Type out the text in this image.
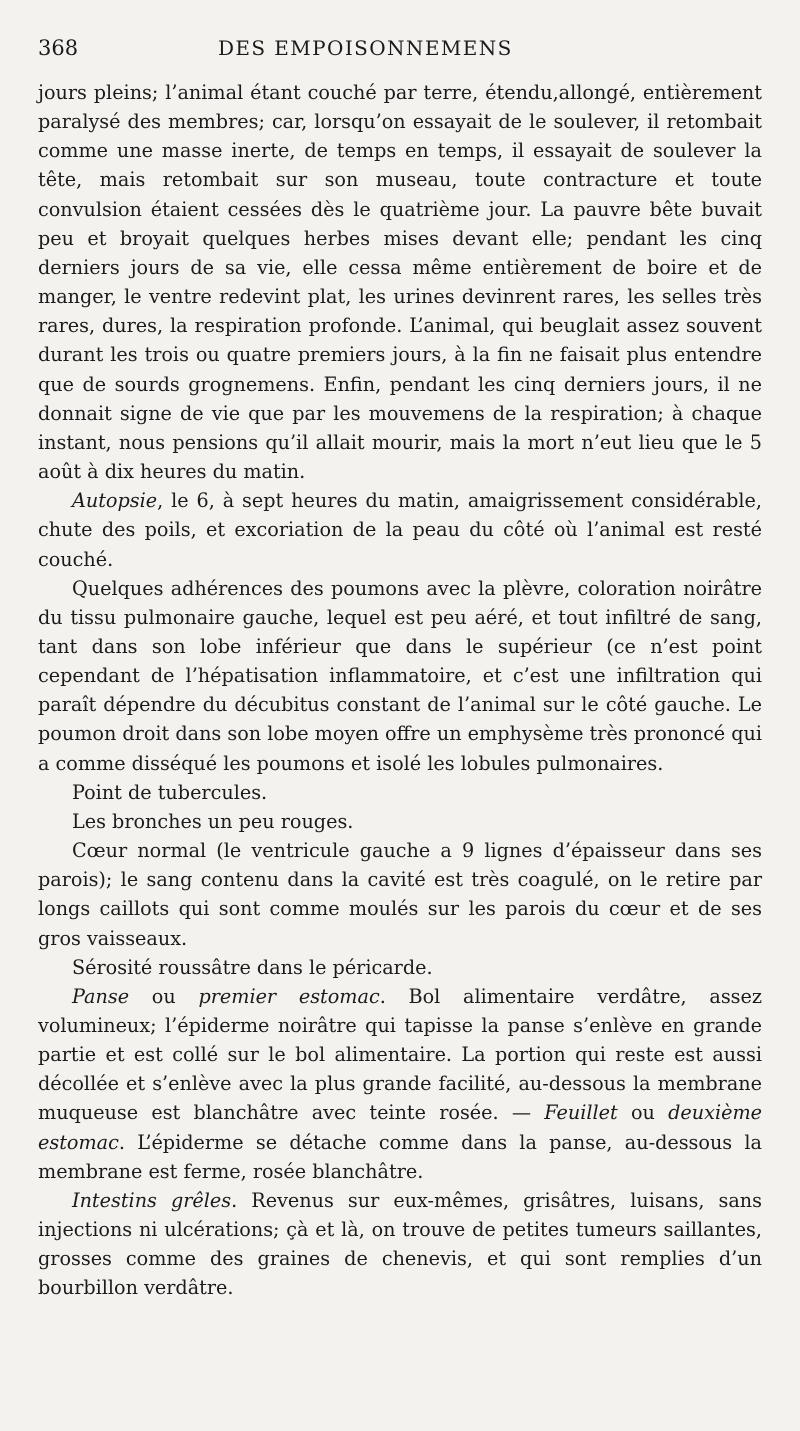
368	DES EMPOISONNEMENS

jours pleins; l’animal étant couché par terre, étendu,allongé, entièrement paralysé des membres; car, lorsqu’on essayait de le soulever, il retombait comme une masse inerte, de temps en temps, il essayait de soulever la tête, mais retombait sur son museau, toute contracture et toute convulsion étaient cessées dès le quatrième jour. La pauvre bête buvait peu et broyait quelques herbes mises devant elle; pendant les cinq derniers jours de sa vie, elle cessa même entièrement de boire et de manger, le ventre redevint plat, les urines devinrent rares, les selles très rares, dures, la respiration profonde. L’animal, qui beuglait assez souvent durant les trois ou quatre premiers jours, à la fin ne faisait plus entendre que de sourds grognemens. Enfin, pendant les cinq derniers jours, il ne donnait signe de vie que par les mouvemens de la respiration; à chaque instant, nous pensions qu’il allait mourir, mais la mort n’eut lieu que le 5 août à dix heures du matin.

Autopsie, le 6, à sept heures du matin, amaigrissement considérable, chute des poils, et excoriation de la peau du côté où l’animal est resté couché.

Quelques adhérences des poumons avec la plèvre, coloration noirâtre du tissu pulmonaire gauche, lequel est peu aéré, et tout infiltré de sang, tant dans son lobe inférieur que dans le supérieur (ce n’est point cependant de l’hépatisation inflammatoire, et c’est une infiltration qui paraît dépendre du décubitus constant de l’animal sur le côté gauche. Le poumon droit dans son lobe moyen offre un emphysème très prononcé qui a comme disséqué les poumons et isolé les lobules pulmonaires.

Point de tubercules.

Les bronches un peu rouges.

Cœur normal (le ventricule gauche a 9 lignes d’épaisseur dans ses parois); le sang contenu dans la cavité est très coagulé, on le retire par longs caillots qui sont comme moulés sur les parois du cœur et de ses gros vaisseaux.

Sérosité roussâtre dans le péricarde.

Panse ou premier estomac. Bol alimentaire verdâtre, assez volumineux; l’épiderme noirâtre qui tapisse la panse s’enlève en grande partie et est collé sur le bol alimentaire. La portion qui reste est aussi décollée et s’enlève avec la plus grande facilité, au-dessous la membrane muqueuse est blanchâtre avec teinte rosée. — Feuillet ou deuxième estomac. L’épiderme se détache comme dans la panse, au-dessous la membrane est ferme, rosée blanchâtre.

Intestins grêles. Revenus sur eux-mêmes, grisâtres, luisans, sans injections ni ulcérations; çà et là, on trouve de petites tumeurs saillantes, grosses comme des graines de chenevis, et qui sont remplies d’un bourbillon verdâtre.
